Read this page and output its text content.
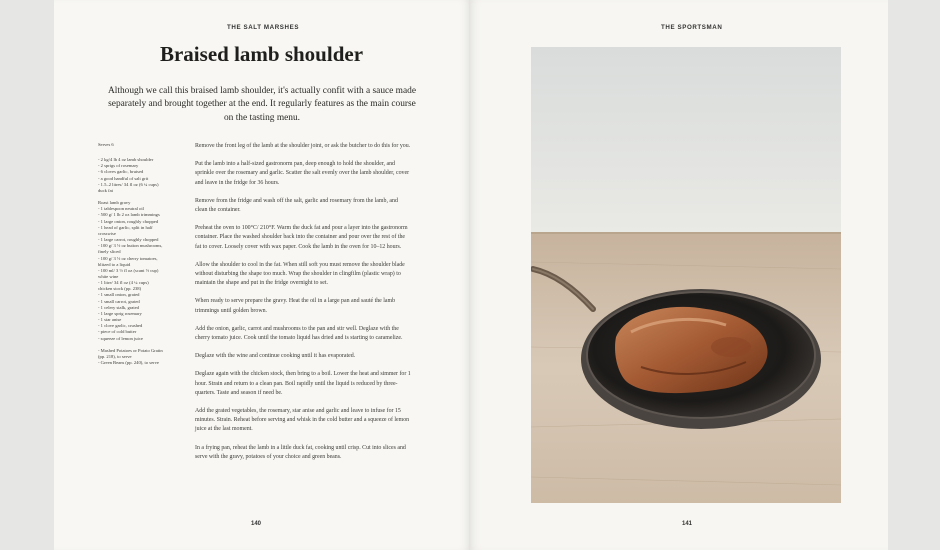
THE SALT MARSHES
Braised lamb shoulder

Although we call this braised lamb shoulder, it's actually confit with a sauce made separately and brought together at the end. It regularly features as the main course on the tasting menu.

Serves 6
- 2 kg/4 lb 4 oz lamb shoulder
- 2 sprigs of rosemary
- 6 cloves garlic, bruised
- a good handful of salt grit
- 1.5–2 litres/ 34 fl oz (6 ¼ cups)
duck fat
Roast lamb gravy
- 1 tablespoon neutral oil
- 500 g/ 1 lb 2 oz lamb trimmings
- 1 large onion, roughly chopped
- 1 head of garlic, split in half
crosswise
- 1 large carrot, roughly chopped
- 100 g/ 3 ½ oz button mushrooms,
finely sliced
- 100 g/ 3 ½ oz cherry tomatoes,
blitzed to a liquid
- 100 ml/ 3 ½ fl oz (scant ½ cup)
white wine
- 1 litre/ 34 fl oz (4 ¼ cups)
chicken stock (pp. 238)
- 1 small onion, grated
- 1 small carrot, grated
- 1 celery stalk, grated
- 1 large sprig rosemary
- 1 star anise
- 1 clove garlic, crushed
- piece of cold butter
- squeeze of lemon juice
- Mashed Potatoes or Potato Gratin
(pp. 218), to serve
- Green Beans (pp. 240), to serve

Remove the front leg of the lamb at the shoulder joint, or ask the butcher to do this for you.

Put the lamb into a half-sized gastronorm pan, deep enough to hold the shoulder, and sprinkle over the rosemary and garlic. Scatter the salt evenly over the lamb shoulder, cover and leave in the fridge for 36 hours.

Remove from the fridge and wash off the salt, garlic and rosemary from the lamb, and clean the container.

Preheat the oven to 100°C/ 210°F. Warm the duck fat and pour a layer into the gastronorm container. Place the washed shoulder back into the container and pour over the rest of the fat to cover. Loosely cover with wax paper. Cook the lamb in the oven for 10–12 hours.

Allow the shoulder to cool in the fat. When still soft you must remove the shoulder blade without disturbing the shape too much. Wrap the shoulder in clingfilm (plastic wrap) to maintain the shape and put in the fridge overnight to set.

When ready to serve prepare the gravy. Heat the oil in a large pan and sauté the lamb trimmings until golden brown.

Add the onion, garlic, carrot and mushrooms to the pan and stir well. Deglaze with the cherry tomato juice. Cook until the tomato liquid has dried and is starting to caramelize.

Deglaze with the wine and continue cooking until it has evaporated.

Deglaze again with the chicken stock, then bring to a boil. Lower the heat and simmer for 1 hour. Strain and return to a clean pan. Boil rapidly until the liquid is reduced by three-quarters. Taste and season if need be.

Add the grated vegetables, the rosemary, star anise and garlic and leave to infuse for 15 minutes. Strain. Reheat before serving and whisk in the cold butter and a squeeze of lemon juice at the last moment.

In a frying pan, reheat the lamb in a little duck fat, cooking until crisp. Cut into slices and serve with the gravy, potatoes of your choice and green beans.

140
THE SPORTSMAN
141
